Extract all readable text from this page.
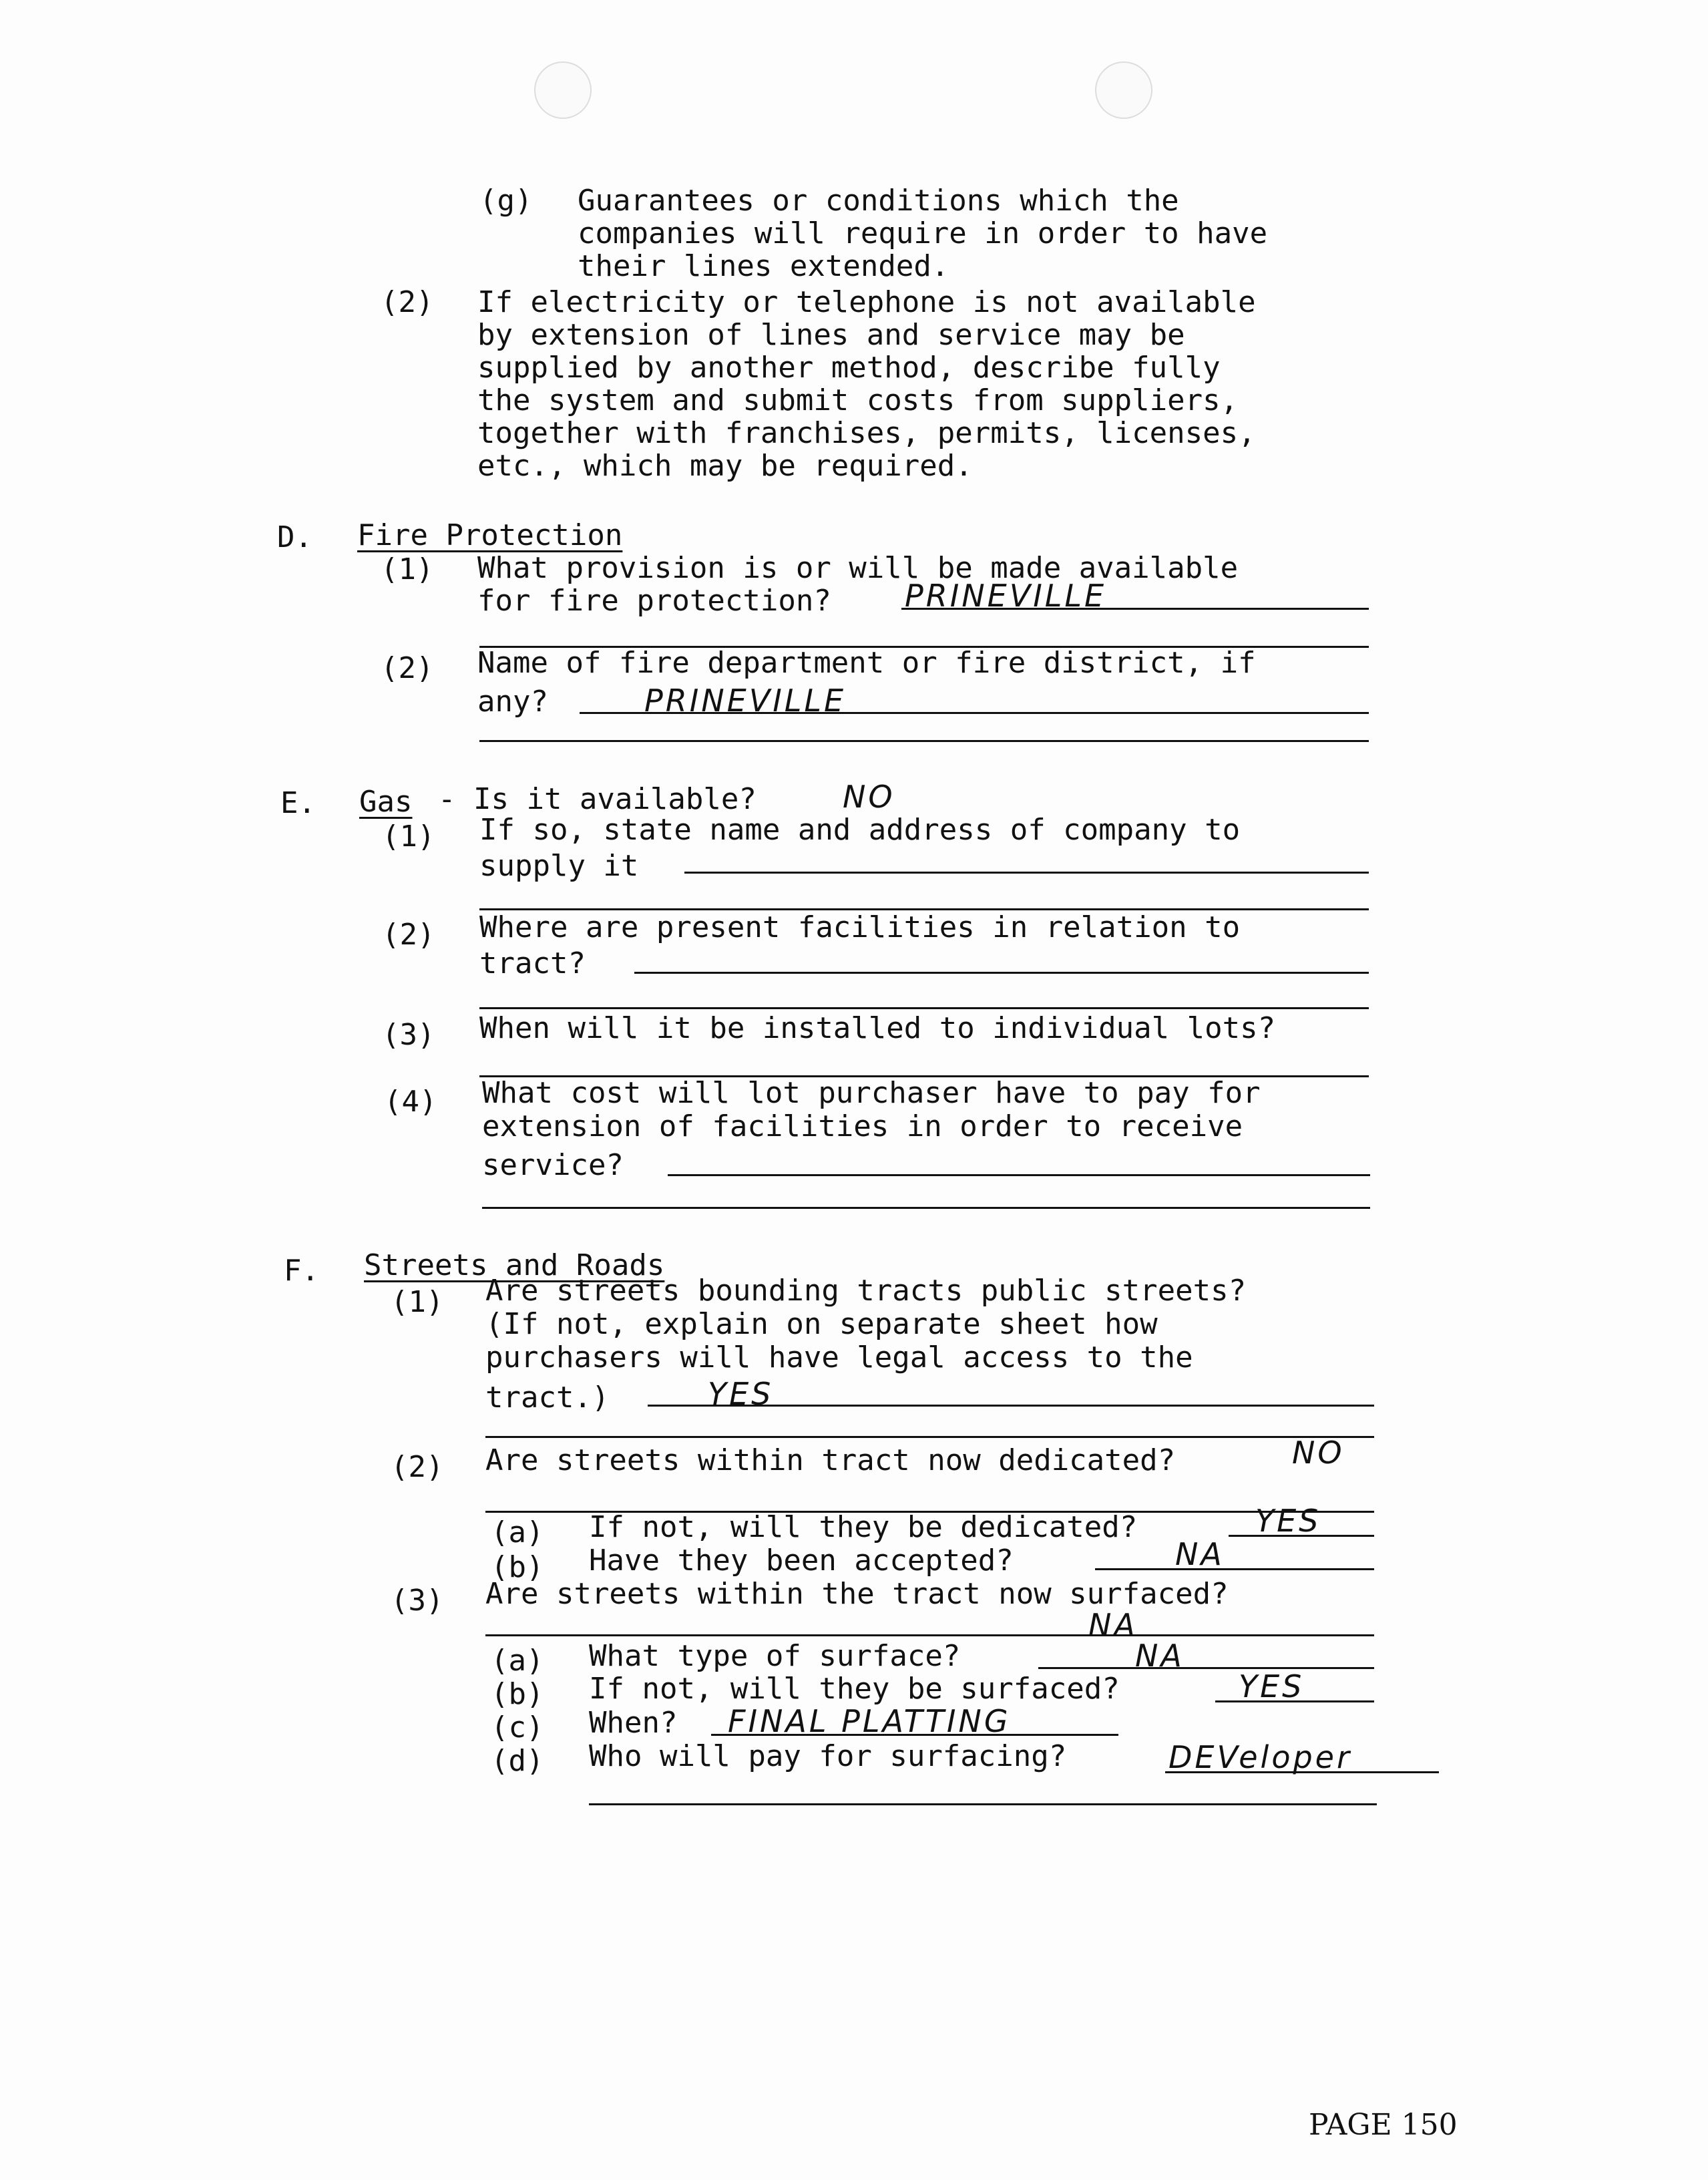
(g) Guarantees or conditions which the
companies will require in order to have
their lines extended.
(2) If electricity or telephone is not available
by extension of lines and service may be
supplied by another method, describe fully
the system and submit costs from suppliers,
together with franchises, permits, licenses,
etc., which may be required.
D. Fire Protection
(1) What provision is or will be made available
for fire protection? PRINEVILLE
(2) Name of fire department or fire district, if
any?	PRINEVILLE
E. Gas - Is it available?	NO
(1) If so, state name and address of company to
supply it
(2) Where are present facilities in relation to
tract?
(3) When will it be installed to individual lots?
(4) What cost will lot purchaser have to pay for
extension of facilities in order to receive
service?
F. Streets and Roads
(1) Are streets bounding tracts public streets?
(If not, explain on separate sheet how
purchasers will have legal access to the
tract.)	YES
(2) Are streets within tract now dedicated?	NO
(a) If not, will they be dedicated?	YES
(b) Have they been accepted?	NA
(3) Are streets within the tract now surfaced?
NA
(a) What type of surface?	NA
(b) If not, will they be surfaced?	YES
(c) When? FINAL PLATTING
(d) Who will pay for surfacing?	DEVeloper
PAGE 150
